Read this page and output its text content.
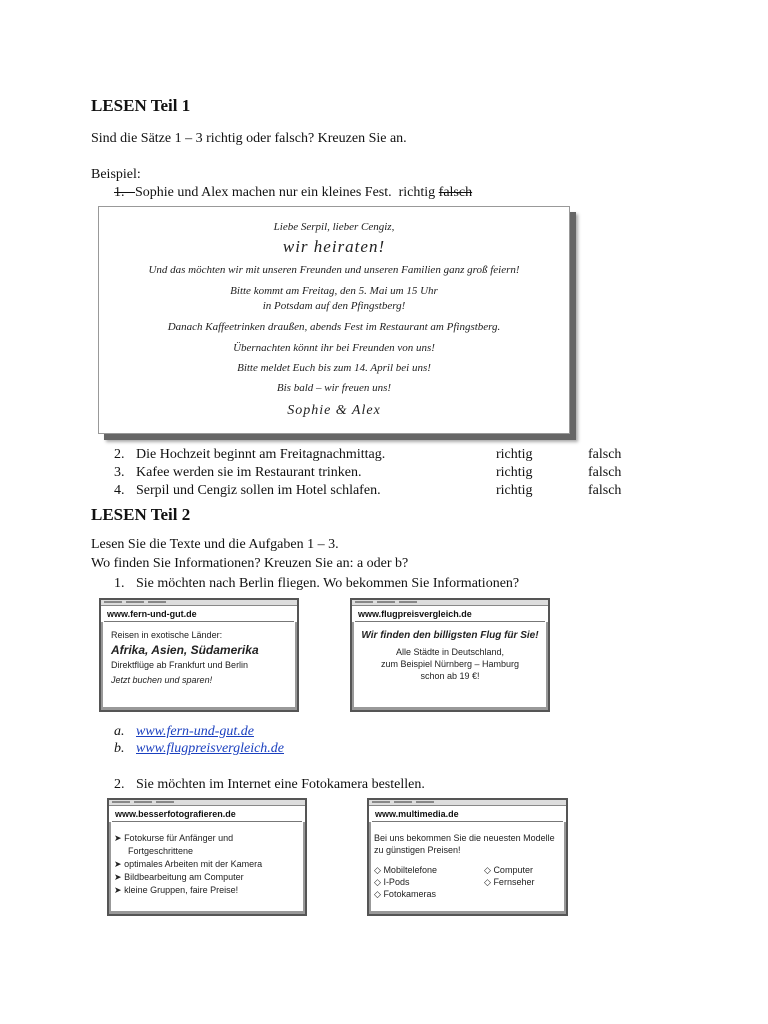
LESEN Teil 1
Sind die Sätze 1 – 3 richtig oder falsch? Kreuzen Sie an.
Beispiel:
1. Sophie und Alex machen nur ein kleines Fest. richtig falsch
Liebe Serpil, lieber Cengiz,
wir heiraten!
Und das möchten wir mit unseren Freunden und unseren Familien ganz groß feiern!
Bitte kommt am Freitag, den 5. Mai um 15 Uhr
in Potsdam auf den Pfingstberg!
Danach Kaffeetrinken draußen, abends Fest im Restaurant am Pfingstberg.
Übernachten könnt ihr bei Freunden von uns!
Bitte meldet Euch bis zum 14. April bei uns!
Bis bald – wir freuen uns!
Sophie & Alex
2. Die Hochzeit beginnt am Freitagnachmittag.	richtig	falsch
3. Kafee werden sie im Restaurant trinken.	richtig	falsch
4. Serpil und Cengiz sollen im Hotel schlafen.	richtig	falsch
LESEN Teil 2
Lesen Sie die Texte und die Aufgaben 1 – 3.
Wo finden Sie Informationen? Kreuzen Sie an: a oder b?
1. Sie möchten nach Berlin fliegen. Wo bekommen Sie Informationen?
www.fern-und-gut.de
Reisen in exotische Länder:
Afrika, Asien, Südamerika
Direktflüge ab Frankfurt und Berlin
Jetzt buchen und sparen!
www.flugpreisvergleich.de
Wir finden den billigsten Flug für Sie!
Alle Städte in Deutschland,
zum Beispiel Nürnberg – Hamburg
schon ab 19 €!
a. www.fern-und-gut.de
b. www.flugpreisvergleich.de
2. Sie möchten im Internet eine Fotokamera bestellen.
www.besserfotografieren.de
➤ Fotokurse für Anfänger und
Fortgeschrittene
➤ optimales Arbeiten mit der Kamera
➤ Bildbearbeitung am Computer
➤ kleine Gruppen, faire Preise!
www.multimedia.de
Bei uns bekommen Sie die neuesten Modelle
zu günstigen Preisen!
◇ Mobiltelefone
◇ I-Pods
◇ Fotokameras
◇ Computer
◇ Fernseher
